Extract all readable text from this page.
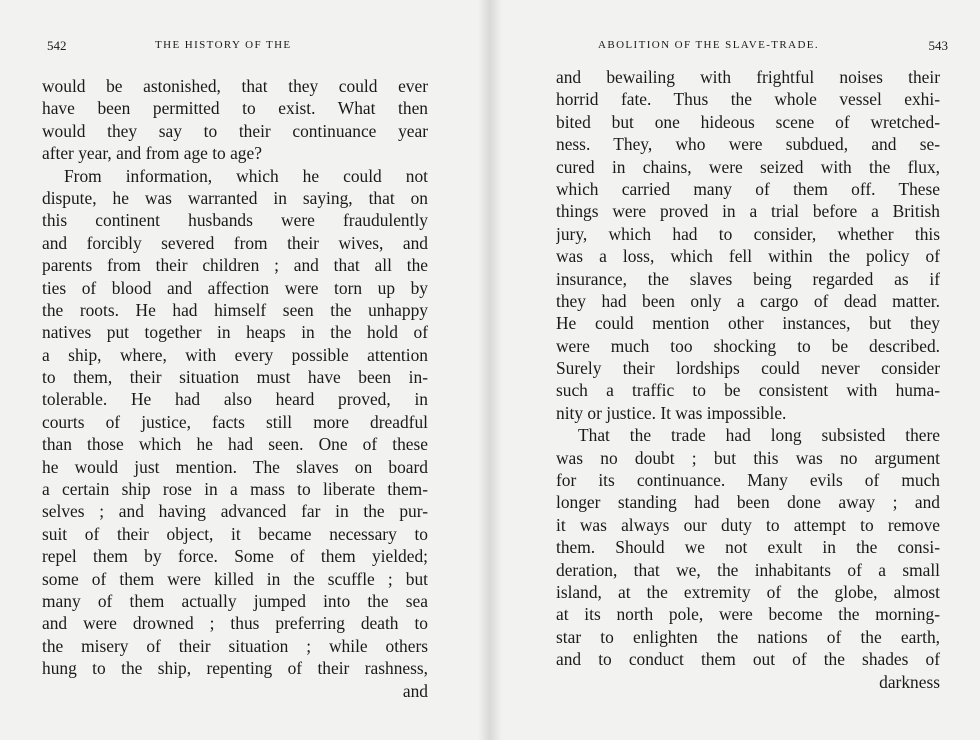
542	THE HISTORY OF THE
would be astonished, that they could ever
have been permitted to exist. What then
would they say to their continuance year
after year, and from age to age?
From information, which he could not
dispute, he was warranted in saying, that on
this continent husbands were fraudulently
and forcibly severed from their wives, and
parents from their children ; and that all the
ties of blood and affection were torn up by
the roots. He had himself seen the unhappy
natives put together in heaps in the hold of
a ship, where, with every possible attention
to them, their situation must have been in-
tolerable. He had also heard proved, in
courts of justice, facts still more dreadful
than those which he had seen. One of these
he would just mention. The slaves on board
a certain ship rose in a mass to liberate them-
selves ; and having advanced far in the pur-
suit of their object, it became necessary to
repel them by force. Some of them yielded;
some of them were killed in the scuffle ; but
many of them actually jumped into the sea
and were drowned ; thus preferring death to
the misery of their situation ; while others
hung to the ship, repenting of their rashness,
and
ABOLITION OF THE SLAVE-TRADE.	543
and bewailing with frightful noises their
horrid fate. Thus the whole vessel exhi-
bited but one hideous scene of wretched-
ness. They, who were subdued, and se-
cured in chains, were seized with the flux,
which carried many of them off. These
things were proved in a trial before a British
jury, which had to consider, whether this
was a loss, which fell within the policy of
insurance, the slaves being regarded as if
they had been only a cargo of dead matter.
He could mention other instances, but they
were much too shocking to be described.
Surely their lordships could never consider
such a traffic to be consistent with huma-
nity or justice. It was impossible.
That the trade had long subsisted there
was no doubt ; but this was no argument
for its continuance. Many evils of much
longer standing had been done away ; and
it was always our duty to attempt to remove
them. Should we not exult in the consi-
deration, that we, the inhabitants of a small
island, at the extremity of the globe, almost
at its north pole, were become the morning-
star to enlighten the nations of the earth,
and to conduct them out of the shades of
darkness
